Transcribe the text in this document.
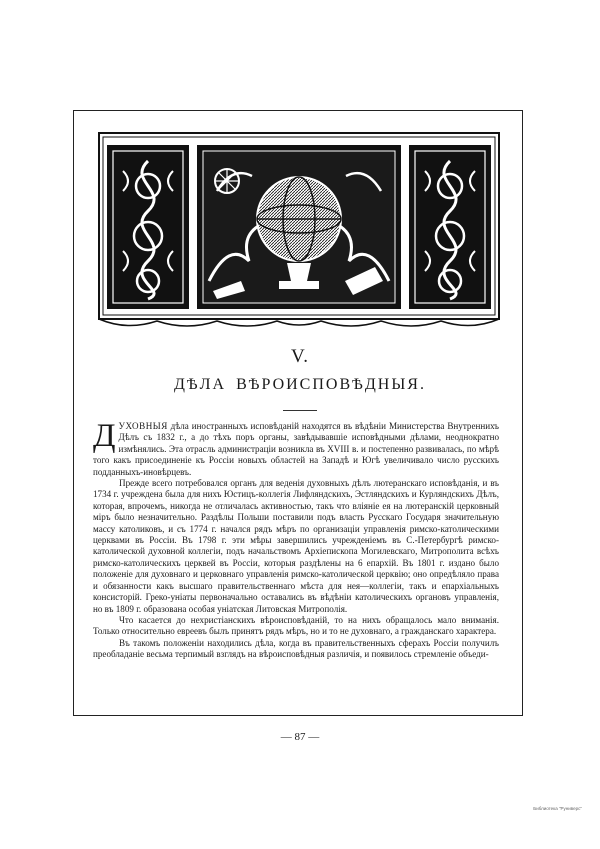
V.
ДѢЛА ВѢРОИСПОВѢДНЫЯ.

ДУХОВНЫЯ дѣла иностранныхъ исповѣданій находятся въ вѣдѣніи Министерства Внутреннихъ Дѣлъ съ 1832 г., а до тѣхъ поръ органы, завѣдывавшіе исповѣдными дѣлами, неоднократно измѣнялись. Эта отрасль администраціи возникла въ XVIII в. и постепенно развивалась, по мѣрѣ того какъ присоединеніе къ Россіи новыхъ областей на Западѣ и Югѣ увеличивало число русскихъ подданныхъ-иновѣрцевъ.

Прежде всего потребовался органъ для веденія духовныхъ дѣлъ лютеранскаго исповѣданія, и въ 1734 г. учреждена была для нихъ Юстицъ-коллегія Лифляндскихъ, Эстляндскихъ и Курляндскихъ Дѣлъ, которая, впрочемъ, никогда не отличалась активностью, такъ что вліяніе ея на лютеранскій церковный міръ было незначительно. Раздѣлы Польши поставили подъ власть Русскаго Государя значительную массу католиковъ, и съ 1774 г. начался рядъ мѣръ по организаціи управленія римско-католическими церквами въ Россіи. Въ 1798 г. эти мѣры завершились учрежденіемъ въ С.-Петербургѣ римско-католической духовной коллегіи, подъ начальствомъ Архіепископа Могилевскаго, Митрополита всѣхъ римско-католическихъ церквей въ Россіи, которыя раздѣлены на 6 епархій. Въ 1801 г. издано было положеніе для духовнаго и церковнаго управленія римско-католической церквію; оно опредѣляло права и обязанности какъ высшаго правительственнаго мѣста для нея—коллегіи, такъ и епархіальныхъ консисторій. Греко-уніаты первоначально оставались въ вѣдѣніи католическихъ органовъ управленія, но въ 1809 г. образована особая уніатская Литовская Митрополія.

Что касается до нехристіанскихъ вѣроисповѣданій, то на нихъ обращалось мало вниманія. Только относительно евреевъ былъ принятъ рядъ мѣръ, но и то не духовнаго, а гражданскаго характера.

Въ такомъ положеніи находились дѣла, когда въ правительственныхъ сферахъ Россіи получилъ преобладаніе весьма терпимый взглядъ на вѣроисповѣдныя различія, и появилось стремленіе объеди-

— 87 —
Библиотека "Руниверс"
